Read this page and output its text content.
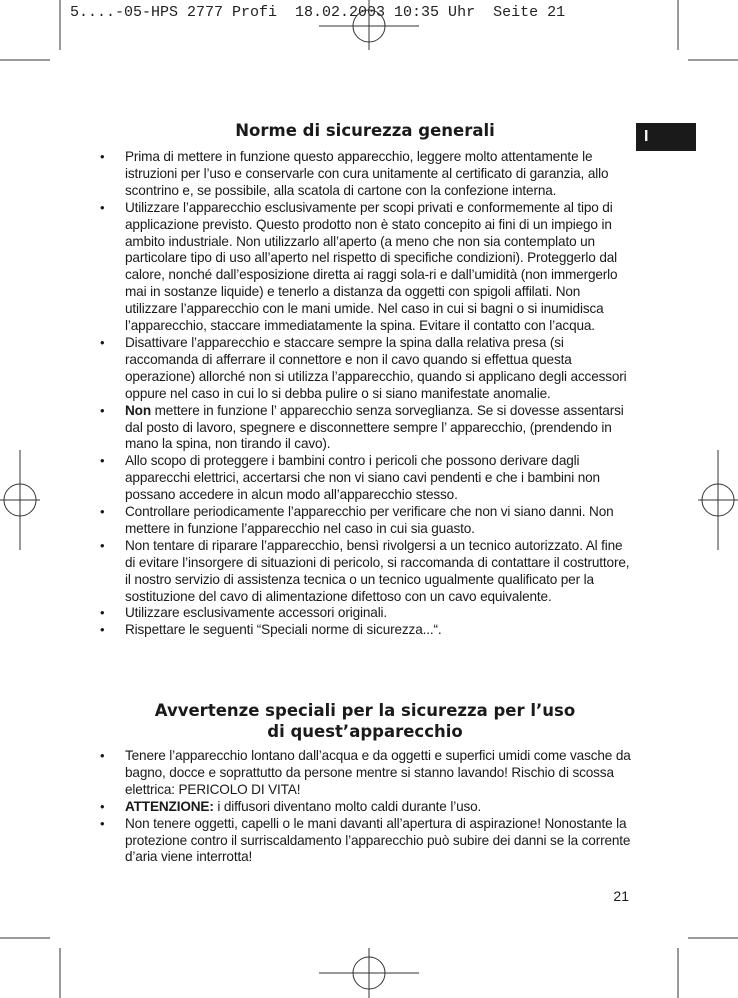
5....-05-HPS 2777 Profi  18.02.2003 10:35 Uhr  Seite 21
I
Norme di sicurezza generali
• Prima di mettere in funzione questo apparecchio, leggere molto attentamente le istruzioni per l’uso e conservarle con cura unitamente al certificato di garanzia, allo scontrino e, se possibile, alla scatola di cartone con la confezione interna.
• Utilizzare l’apparecchio esclusivamente per scopi privati e conformemente al tipo di applicazione previsto. Questo prodotto non è stato concepito ai fini di un impiego in ambito industriale. Non utilizzarlo all’aperto (a meno che non sia contemplato un particolare tipo di uso all’aperto nel rispetto di specifiche condizioni). Proteggerlo dal calore, nonché dall’esposizione diretta ai raggi sola-ri e dall’umidità (non immergerlo mai in sostanze liquide) e tenerlo a distanza da oggetti con spigoli affilati. Non utilizzare l’apparecchio con le mani umide. Nel caso in cui si bagni o si inumidisca l’apparecchio, staccare immediatamente la spina. Evitare il contatto con l’acqua.
• Disattivare l’apparecchio e staccare sempre la spina dalla relativa presa (si raccomanda di afferrare il connettore e non il cavo quando si effettua questa operazione) allorché non si utilizza l’apparecchio, quando si applicano degli accessori oppure nel caso in cui lo si debba pulire o si siano manifestate anomalie.
• Non mettere in funzione l’ apparecchio senza sorveglianza. Se si dovesse assentarsi dal posto di lavoro, spegnere e disconnettere sempre l’ apparecchio, (prendendo in mano la spina, non tirando il cavo).
• Allo scopo di proteggere i bambini contro i pericoli che possono derivare dagli apparecchi elettrici, accertarsi che non vi siano cavi pendenti e che i bambini non possano accedere in alcun modo all’apparecchio stesso.
• Controllare periodicamente l’apparecchio per verificare che non vi siano danni. Non mettere in funzione l’apparecchio nel caso in cui sia guasto.
• Non tentare di riparare l’apparecchio, bensì rivolgersi a un tecnico autorizzato. Al fine di evitare l’insorgere di situazioni di pericolo, si raccomanda di contattare il costruttore, il nostro servizio di assistenza tecnica o un tecnico ugualmente qualificato per la sostituzione del cavo di alimentazione difettoso con un cavo equivalente.
• Utilizzare esclusivamente accessori originali.
• Rispettare le seguenti “Speciali norme di sicurezza...“.
Avvertenze speciali per la sicurezza per l’uso
di quest’apparecchio
• Tenere l’apparecchio lontano dall’acqua e da oggetti e superfici umidi come vasche da bagno, docce e soprattutto da persone mentre si stanno lavando! Rischio di scossa elettrica: PERICOLO DI VITA!
• ATTENZIONE: i diffusori diventano molto caldi durante l’uso.
• Non tenere oggetti, capelli o le mani davanti all’apertura di aspirazione! Nonostante la protezione contro il surriscaldamento l’apparecchio può subire dei danni se la corrente d’aria viene interrotta!
21
